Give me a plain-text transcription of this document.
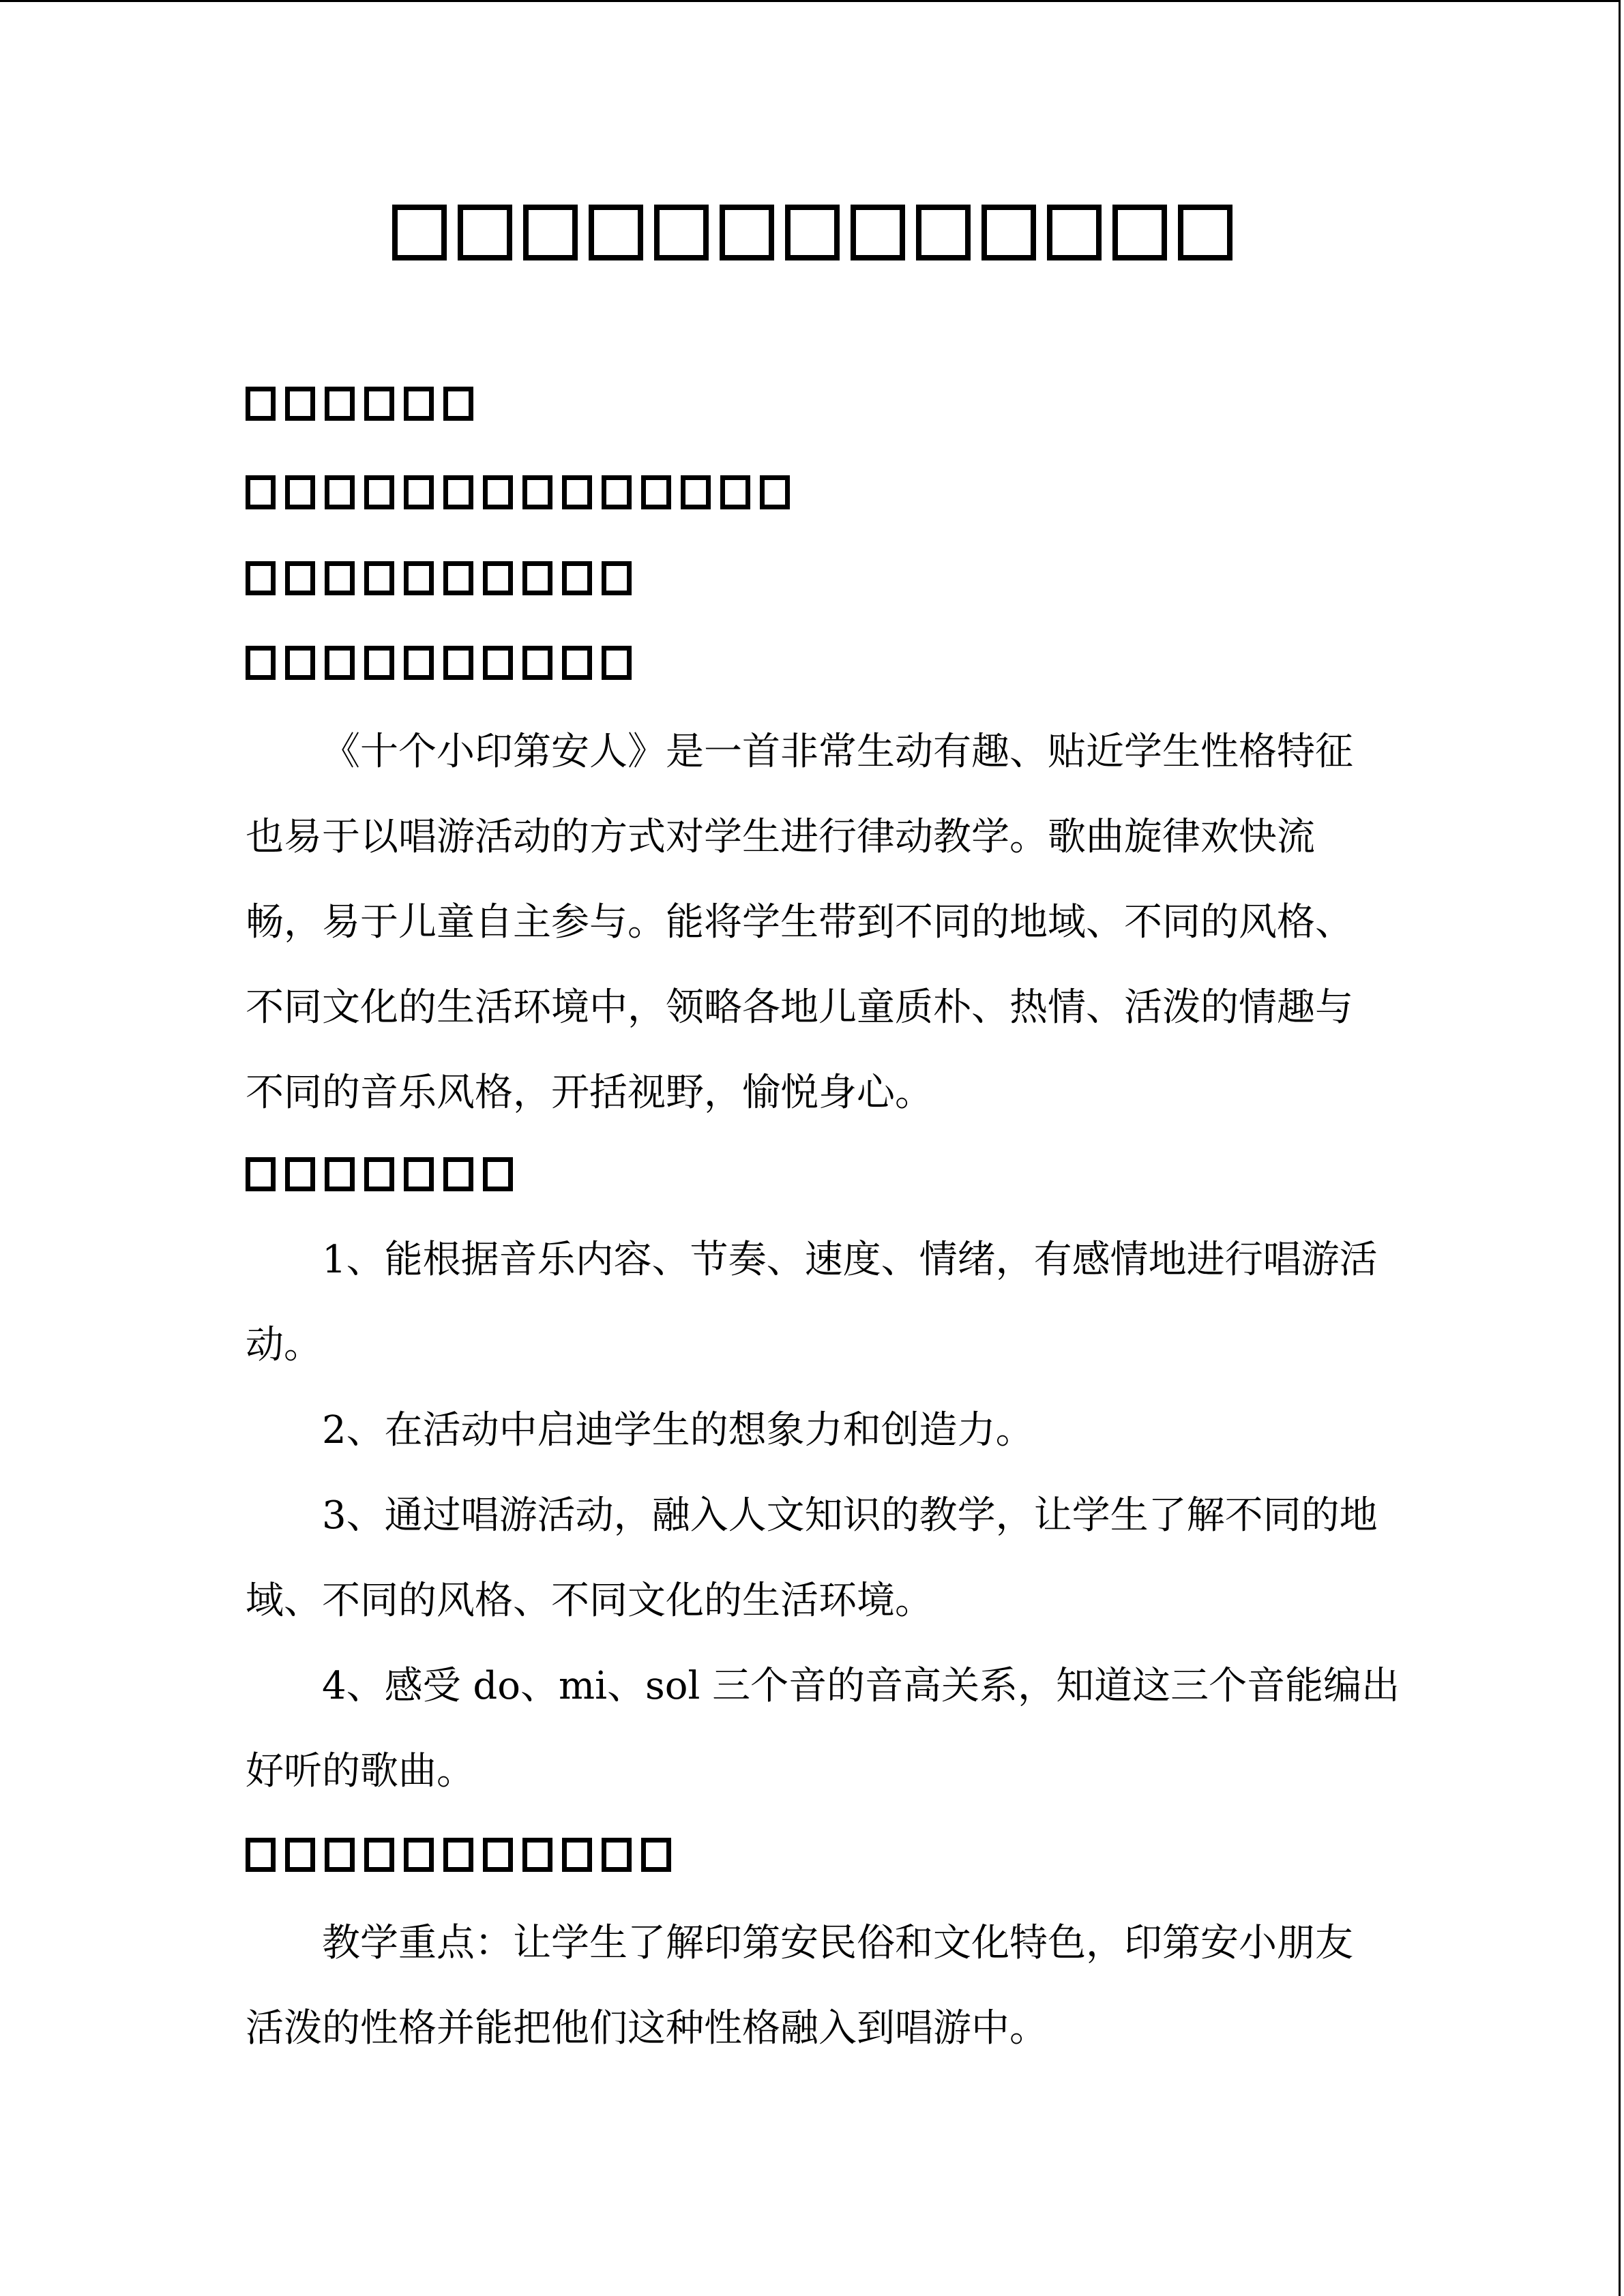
《十个小印第安人》是一首非常生动有趣、贴近学生性格特征
也易于以唱游活动的方式对学生进行律动教学。歌曲旋律欢快流
畅，易于儿童自主参与。能将学生带到不同的地域、不同的风格、
不同文化的生活环境中，领略各地儿童质朴、热情、活泼的情趣与
不同的音乐风格，开括视野，愉悦身心。
1、能根据音乐内容、节奏、速度、情绪，有感情地进行唱游活
动。
2、在活动中启迪学生的想象力和创造力。
3、通过唱游活动，融入人文知识的教学，让学生了解不同的地
域、不同的风格、不同文化的生活环境。
4、感受 do、mi、sol 三个音的音高关系，知道这三个音能编出
好听的歌曲。
教学重点：让学生了解印第安民俗和文化特色，印第安小朋友
活泼的性格并能把他们这种性格融入到唱游中。
